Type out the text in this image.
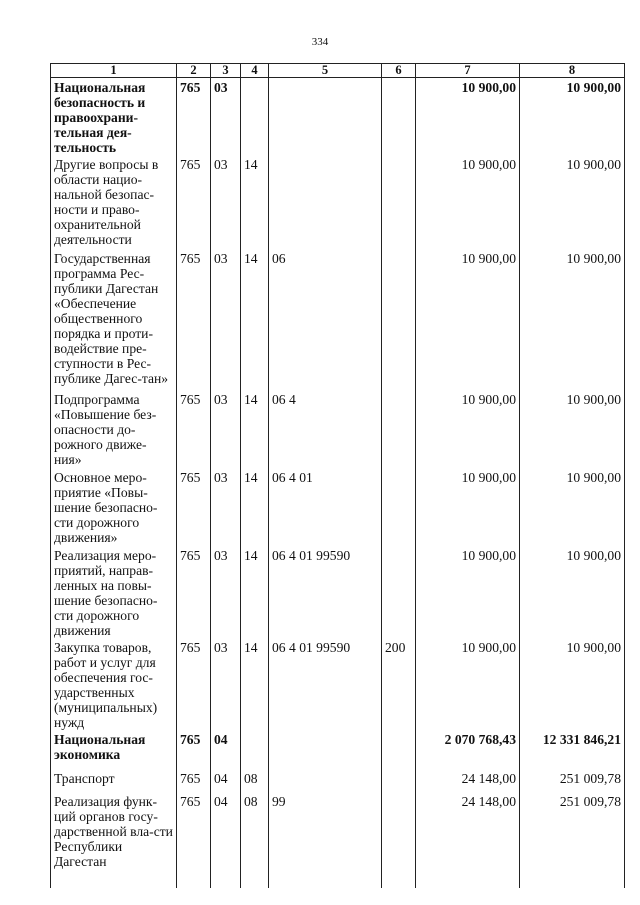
334
1	2	3	4	5	6	7	8
Национальная безопасность и правоохрани-тельная дея-тельность	765	03				10 900,00	10 900,00
Другие вопросы в области нацио-нальной безопас-ности и право-охранительной деятельности	765	03	14			10 900,00	10 900,00
Государственная программа Рес-публики Дагестан «Обеспечение общественного порядка и проти-водействие пре-ступности в Рес-публике Дагес-тан»	765	03	14	06		10 900,00	10 900,00
Подпрограмма «Повышение без-опасности до-рожного движе-ния»	765	03	14	06 4		10 900,00	10 900,00
Основное меро-приятие «Повы-шение безопасно-сти дорожного движения»	765	03	14	06 4 01		10 900,00	10 900,00
Реализация меро-приятий, направ-ленных на повы-шение безопасно-сти дорожного движения	765	03	14	06 4 01 99590		10 900,00	10 900,00
Закупка товаров, работ и услуг для обеспечения гос-ударственных (муниципальных) нужд	765	03	14	06 4 01 99590	200	10 900,00	10 900,00
Национальная экономика	765	04				2 070 768,43	12 331 846,21
Транспорт	765	04	08			24 148,00	251 009,78
Реализация функ-ций органов госу-дарственной вла-сти Республики Дагестан	765	04	08	99		24 148,00	251 009,78
